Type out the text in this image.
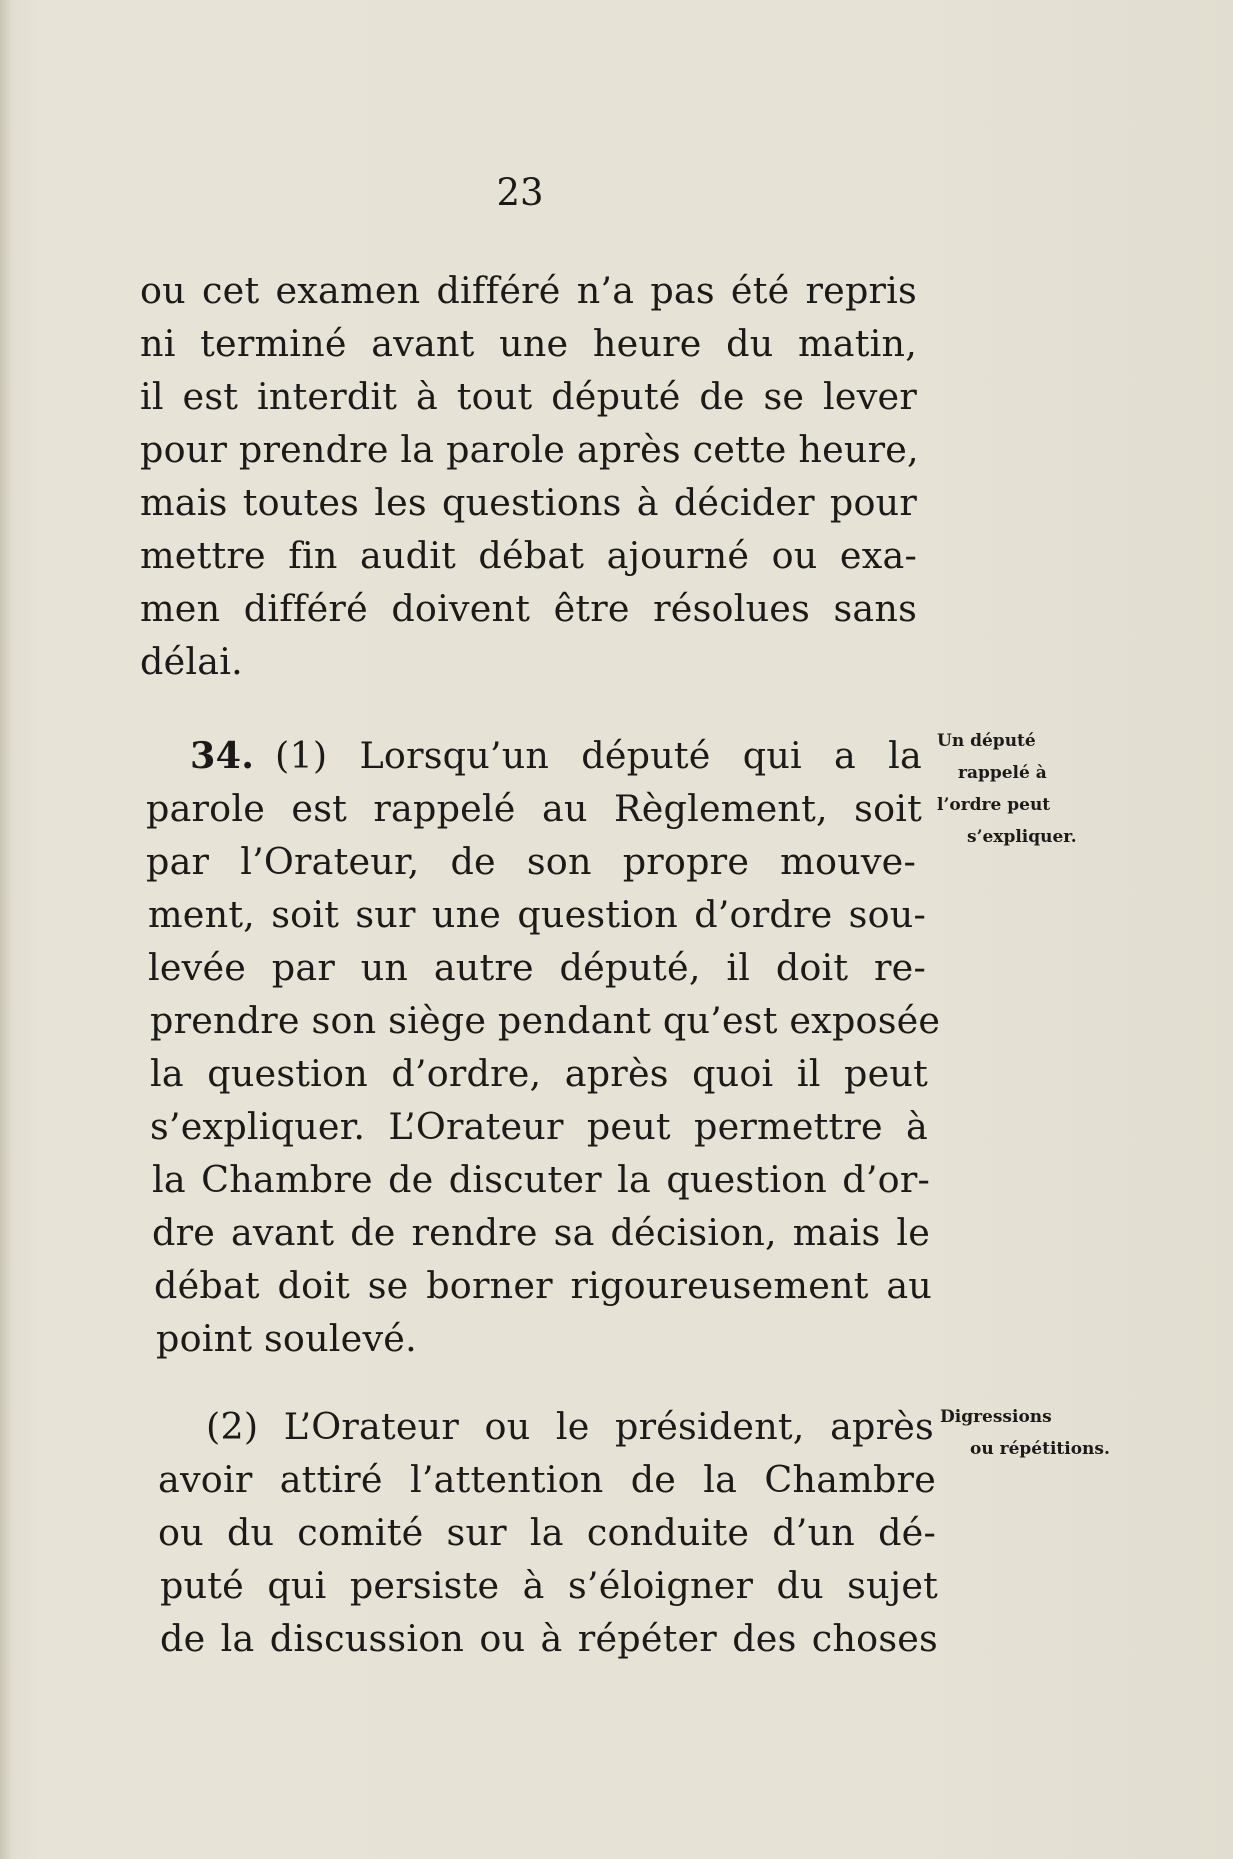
23
ou cet examen différé n’a pas été repris
ni terminé avant une heure du matin,
il est interdit à tout député de se lever
pour prendre la parole après cette heure,
mais toutes les questions à décider pour
mettre fin audit débat ajourné ou exa-
men différé doivent être résolues sans
délai.
34. (1) Lorsqu’un député qui a la
parole est rappelé au Règlement, soit
par l’Orateur, de son propre mouve-
ment, soit sur une question d’ordre sou-
levée par un autre député, il doit re-
prendre son siège pendant qu’est exposée
la question d’ordre, après quoi il peut
s’expliquer. L’Orateur peut permettre à
la Chambre de discuter la question d’or-
dre avant de rendre sa décision, mais le
débat doit se borner rigoureusement au
point soulevé.
(2) L’Orateur ou le président, après
avoir attiré l’attention de la Chambre
ou du comité sur la conduite d’un dé-
puté qui persiste à s’éloigner du sujet
de la discussion ou à répéter des choses
Un député
rappelé à
l’ordre peut
s’expliquer.
Digressions
ou répétitions.
